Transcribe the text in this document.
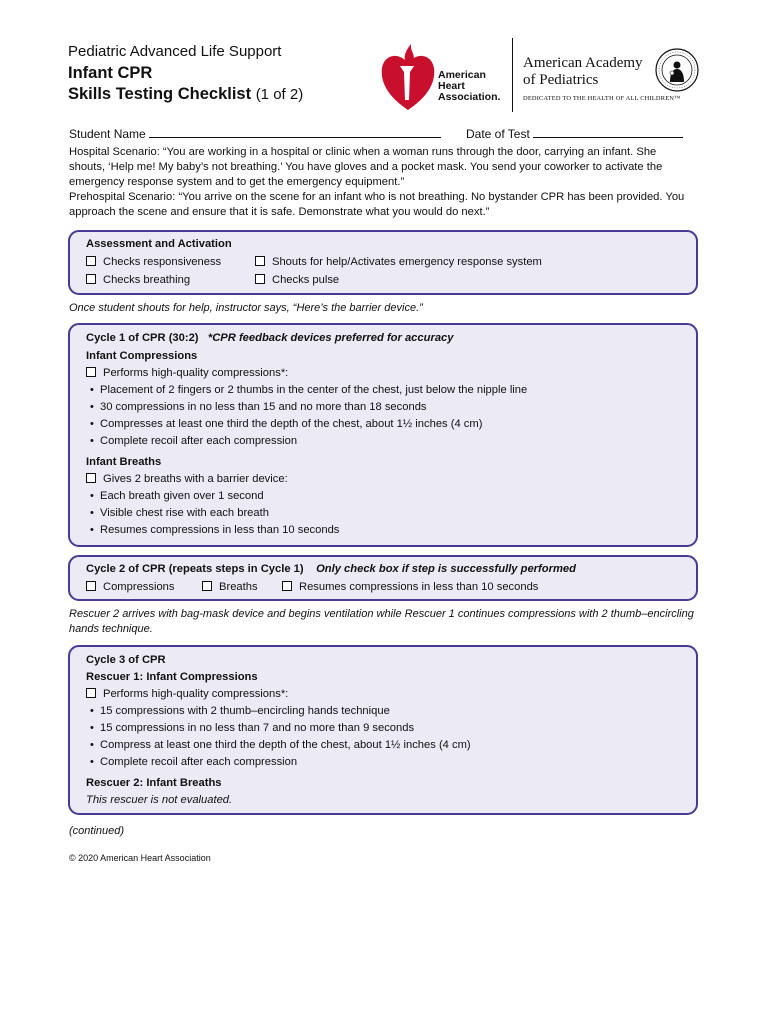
Pediatric Advanced Life Support
Infant CPR
Skills Testing Checklist (1 of 2)
American
Heart
Association.
American Academy
of Pediatrics
DEDICATED TO THE HEALTH OF ALL CHILDREN™
Student Name	Date of Test
Hospital Scenario: “You are working in a hospital or clinic when a woman runs through the door, carrying an infant. She shouts, ‘Help me! My baby’s not breathing.’ You have gloves and a pocket mask. You send your coworker to activate the emergency response system and to get the emergency equipment.”
Prehospital Scenario: “You arrive on the scene for an infant who is not breathing. No bystander CPR has been provided. You approach the scene and ensure that it is safe. Demonstrate what you would do next.”
Assessment and Activation
Checks responsiveness	Shouts for help/Activates emergency response system
Checks breathing	Checks pulse
Once student shouts for help, instructor says, “Here’s the barrier device.”
Cycle 1 of CPR (30:2) *CPR feedback devices preferred for accuracy
Infant Compressions
Performs high-quality compressions*:
• Placement of 2 fingers or 2 thumbs in the center of the chest, just below the nipple line
• 30 compressions in no less than 15 and no more than 18 seconds
• Compresses at least one third the depth of the chest, about 1½ inches (4 cm)
• Complete recoil after each compression
Infant Breaths
Gives 2 breaths with a barrier device:
• Each breath given over 1 second
• Visible chest rise with each breath
• Resumes compressions in less than 10 seconds
Cycle 2 of CPR (repeats steps in Cycle 1) Only check box if step is successfully performed
Compressions	Breaths	Resumes compressions in less than 10 seconds
Rescuer 2 arrives with bag-mask device and begins ventilation while Rescuer 1 continues compressions with 2 thumb–encircling hands technique.
Cycle 3 of CPR
Rescuer 1: Infant Compressions
Performs high-quality compressions*:
• 15 compressions with 2 thumb–encircling hands technique
• 15 compressions in no less than 7 and no more than 9 seconds
• Compress at least one third the depth of the chest, about 1½ inches (4 cm)
• Complete recoil after each compression
Rescuer 2: Infant Breaths
This rescuer is not evaluated.
(continued)
© 2020 American Heart Association
